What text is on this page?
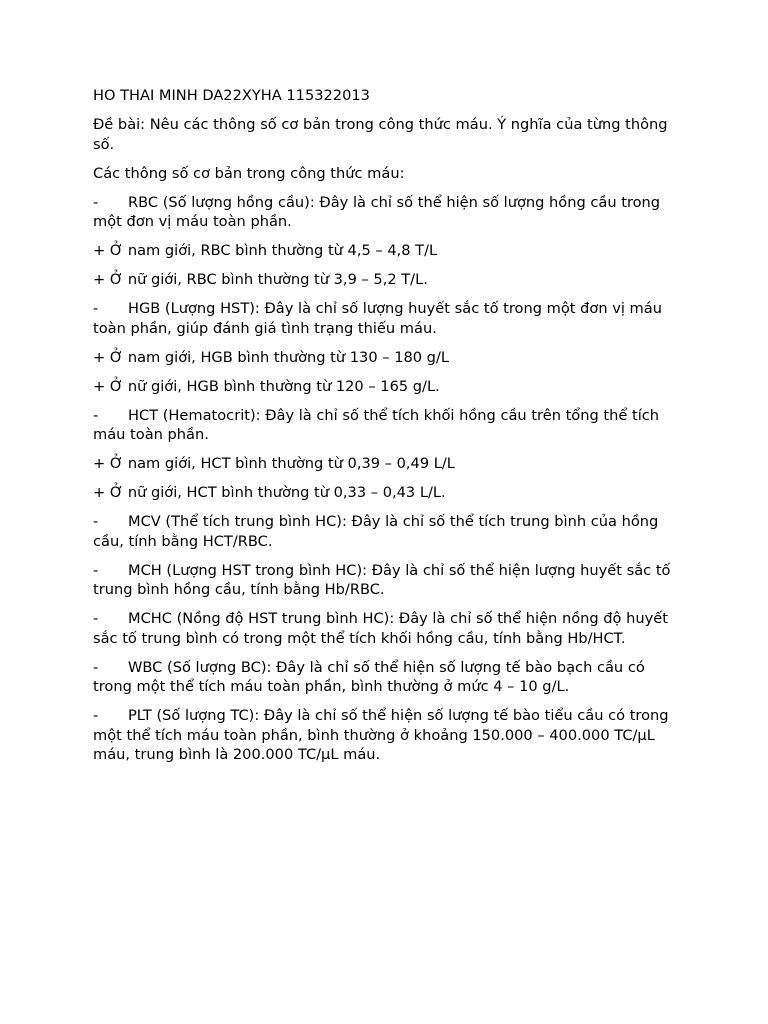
HO THAI MINH DA22XYHA 115322013

Đề bài: Nêu các thông số cơ bản trong công thức máu. Ý nghĩa của từng thông số.

Các thông số cơ bản trong công thức máu:

- RBC (Số lượng hồng cầu): Đây là chỉ số thể hiện số lượng hồng cầu trong một đơn vị máu toàn phần.

+ Ở nam giới, RBC bình thường từ 4,5 – 4,8 T/L

+ Ở nữ giới, RBC bình thường từ 3,9 – 5,2 T/L.

- HGB (Lượng HST): Đây là chỉ số lượng huyết sắc tố trong một đơn vị máu toàn phần, giúp đánh giá tình trạng thiếu máu.

+ Ở nam giới, HGB bình thường từ 130 – 180 g/L

+ Ở nữ giới, HGB bình thường từ 120 – 165 g/L.

- HCT (Hematocrit): Đây là chỉ số thể tích khối hồng cầu trên tổng thể tích máu toàn phần.

+ Ở nam giới, HCT bình thường từ 0,39 – 0,49 L/L

+ Ở nữ giới, HCT bình thường từ 0,33 – 0,43 L/L.

- MCV (Thể tích trung bình HC): Đây là chỉ số thể tích trung bình của hồng cầu, tính bằng HCT/RBC.

- MCH (Lượng HST trong bình HC): Đây là chỉ số thể hiện lượng huyết sắc tố trung bình hồng cầu, tính bằng Hb/RBC.

- MCHC (Nồng độ HST trung bình HC): Đây là chỉ số thể hiện nồng độ huyết sắc tố trung bình có trong một thể tích khối hồng cầu, tính bằng Hb/HCT.

- WBC (Số lượng BC): Đây là chỉ số thể hiện số lượng tế bào bạch cầu có trong một thể tích máu toàn phần, bình thường ở mức 4 – 10 g/L.

- PLT (Số lượng TC): Đây là chỉ số thể hiện số lượng tế bào tiểu cầu có trong một thể tích máu toàn phần, bình thường ở khoảng 150.000 – 400.000 TC/µL máu, trung bình là 200.000 TC/µL máu.
